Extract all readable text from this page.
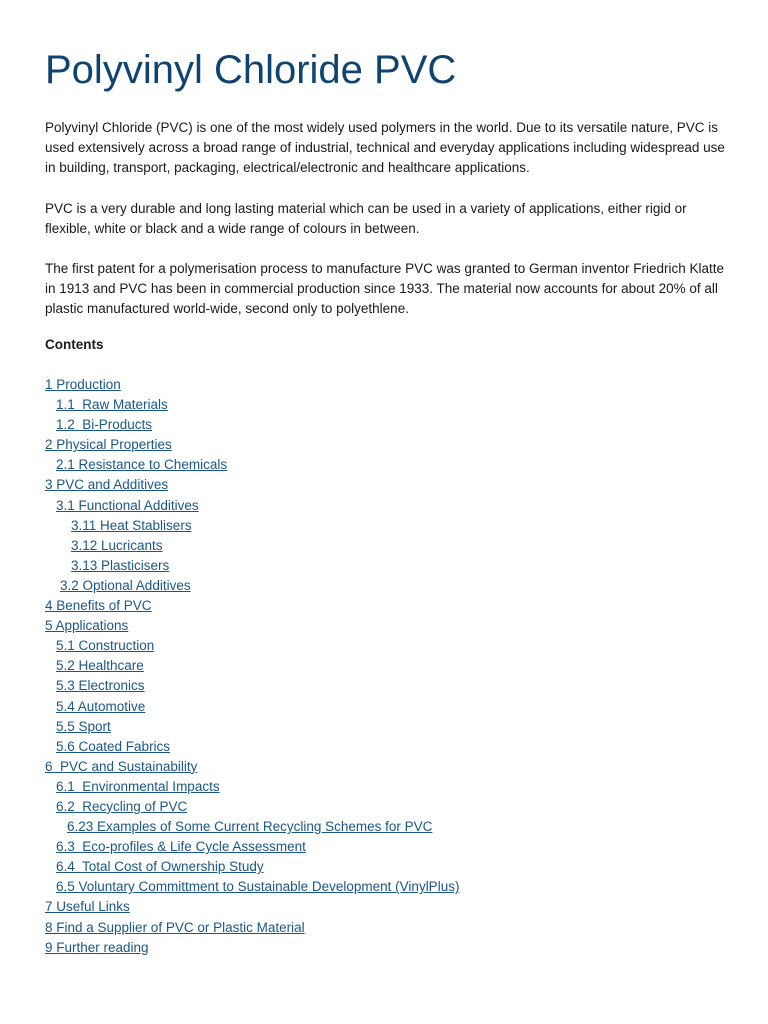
Polyvinyl Chloride PVC

Polyvinyl Chloride (PVC) is one of the most widely used polymers in the world. Due to its versatile nature, PVC is used extensively across a broad range of industrial, technical and everyday applications including widespread use in building, transport, packaging, electrical/electronic and healthcare applications.

PVC is a very durable and long lasting material which can be used in a variety of applications, either rigid or flexible, white or black and a wide range of colours in between.

The first patent for a polymerisation process to manufacture PVC was granted to German inventor Friedrich Klatte in 1913 and PVC has been in commercial production since 1933. The material now accounts for about 20% of all plastic manufactured world-wide, second only to polyethlene.

Contents

1 Production
1.1  Raw Materials
1.2  Bi-Products
2 Physical Properties
2.1 Resistance to Chemicals
3 PVC and Additives
3.1 Functional Additives
3.11 Heat Stablisers
3.12 Lucricants
3.13 Plasticisers
3.2 Optional Additives
4 Benefits of PVC
5 Applications
5.1 Construction
5.2 Healthcare
5.3 Electronics
5.4 Automotive
5.5 Sport
5.6 Coated Fabrics
6  PVC and Sustainability
6.1  Environmental Impacts
6.2  Recycling of PVC
6.23 Examples of Some Current Recycling Schemes for PVC
6.3  Eco-profiles & Life Cycle Assessment
6.4  Total Cost of Ownership Study
6.5 Voluntary Committment to Sustainable Development (VinylPlus)
7 Useful Links
8 Find a Supplier of PVC or Plastic Material
9 Further reading
